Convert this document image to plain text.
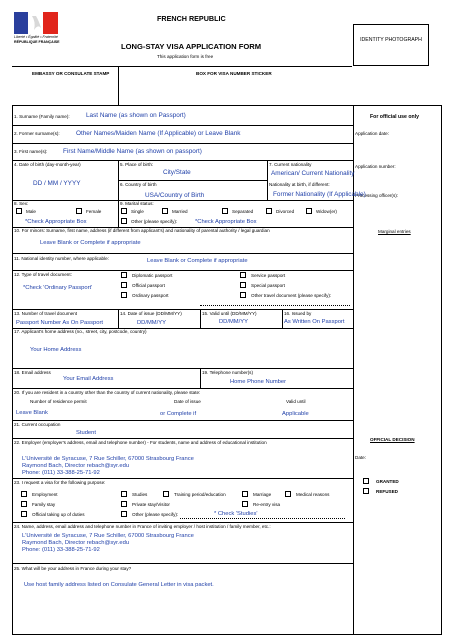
Liberté • Égalité • Fraternité
RÉPUBLIQUE FRANÇAISE
FRENCH REPUBLIC
LONG-STAY VISA APPLICATION FORM
This application form is free
IDENTITY PHOTOGRAPH
EMBASSY OR CONSULATE STAMP	BOX FOR VISA NUMBER STICKER
For official use only
Application date:
Application number:
Processing officer(s):
Marginal entries
OFFICIAL DECISION
Date:
GRANTED
REFUSED
1. Surname (Family name):	Last Name (as shown on Passport)
2. Former surname(s):	Other Names/Maiden Name (If Applicable) or Leave Blank
3. First name(s): First Name/Middle Name (as shown on passport)
4. Date of birth (day-month-year)
DD / MM / YYYY
5. Place of birth:
City/State
6. Country of birth
USA/Country of Birth
7. Current nationality
American/ Current Nationality
Nationality at birth, if different:
Former Nationality (If Applicable)
8. Sex:
Male	Female
*Check Appropriate Box
9. Marital status:
Single	Married	Separated	Divorced	Widow(er)
Other (please specify):	*Check Appropriate Box
10. For minors: Surname, first name, address (if different from applicant's) and nationality of parental authority / legal guardian
Leave Blank or Complete if appropriate
11. National identity number, where applicable:	Leave Blank or Complete if appropriate
12. Type of travel document:
*Check 'Ordinary Passport'
Diplomatic passport
Official passport
Ordinary passport
Service passport
Special passport
Other travel document (please specify):
13. Number of travel document
Passport Number As On Passport
14. Date of issue (DD/MM/YY)
DD/MM/YY
15. Valid until (DD/MM/YY)
DD/MM/YY
16. Issued by
As Written On Passport
17. Applicant's home address (no., street, city, postcode, country)
Your Home Address
18. Email address
Your Email Address
19. Telephone number(s)
Home Phone Number
20. If you are resident in a country other than the country of current nationality, please state:
Number of residence permit	Date of issue	Valid until
Leave Blank	or Complete if	Applicable
21. Current occupation
Student
22. Employer (employer's address, email and telephone number) - For students, name and address of educational institution
L'Université de Syracuse, 7 Rue Schiller, 67000 Strasbourg France
Raymond Bach, Director rebach@syr.edu
Phone: (011) 33-388-25-71-92
23. I request a visa for the following purpose:
Employment
Family stay
Official taking up of duties
Studies
Private stay/Visitor
Other (please specify):
Training period/education	Marriage	Medical reasons
Re-entry visa
* Check 'Studies'
24. Name, address, email address and telephone number in France of inviting employer / host institution / family member, etc.:
L'Université de Syracuse, 7 Rue Schiller, 67000 Strasbourg France
Raymond Bach, Director rebach@syr.edu
Phone: (011) 33-388-25-71-92
25. What will be your address in France during your stay?
Use host family address listed on Consulate General Letter in visa packet.
